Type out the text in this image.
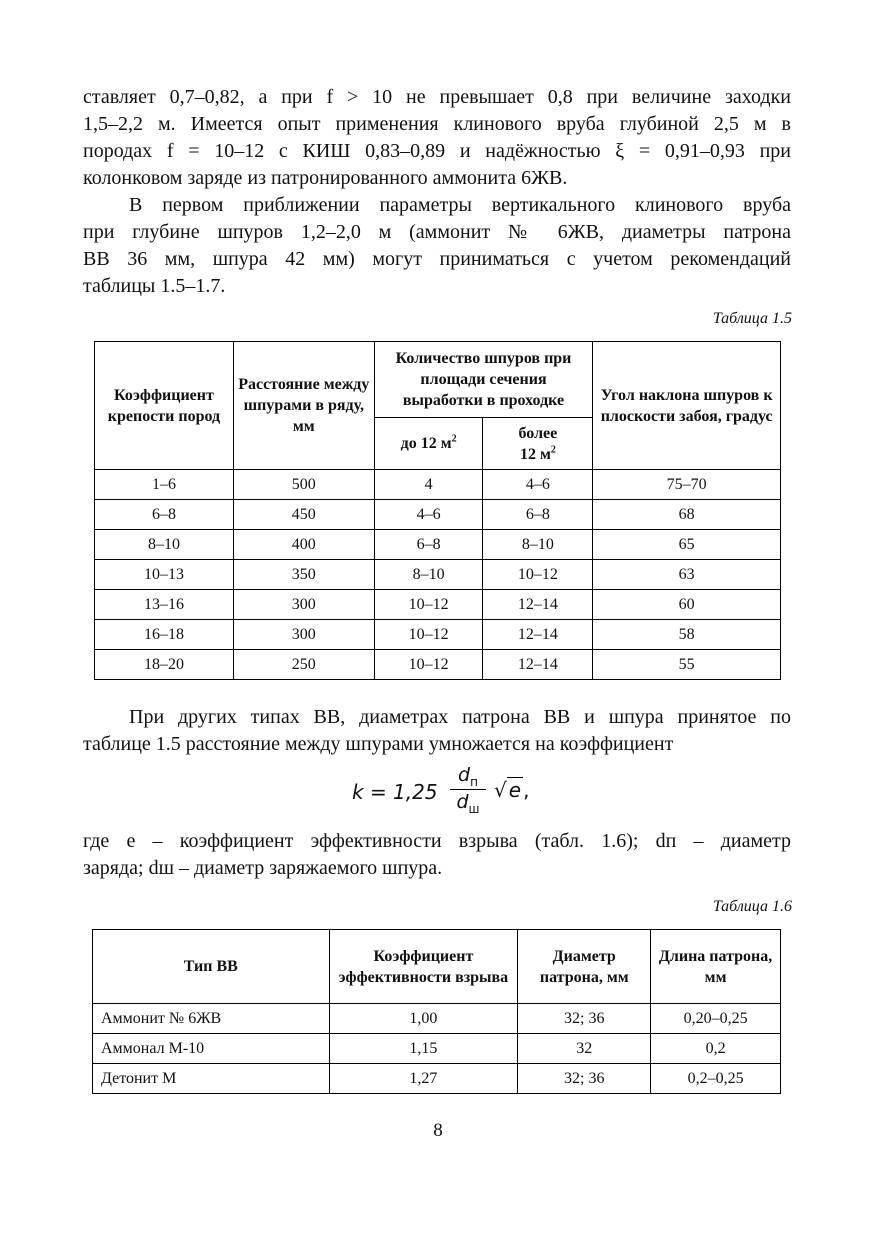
ставляет 0,7–0,82, а при f > 10 не превышает 0,8 при величине заходки
1,5–2,2 м. Имеется опыт применения клинового вруба глубиной 2,5 м в
породах f = 10–12 с КИШ 0,83–0,89 и надёжностью ξ = 0,91–0,93 при
колонковом заряде из патронированного аммонита 6ЖВ.

В первом приближении параметры вертикального клинового вруба
при глубине шпуров 1,2–2,0 м (аммонит № 6ЖВ, диаметры патрона
ВВ 36 мм, шпура 42 мм) могут приниматься с учетом рекомендаций
таблицы 1.5–1.7.

Таблица 1.5
Коэффициент крепости пород	Расстояние между шпурами в ряду, мм	Количество шпуров при площади сечения выработки в проходке		Угол наклона шпуров к плоскости забоя, градус
		до 12 $м^2$	более
12 $м^2$
1–6	500	4	4–6	75–70
6–8	450	4–6	6–8	68
8–10	400	6–8	8–10	65
10–13	350	8–10	10–12	63
13–16	300	10–12	12–14	60
16–18	300	10–12	12–14	58
18–20	250	10–12	12–14	55

При других типах ВВ, диаметрах патрона ВВ и шпура принятое по
таблице 1.5 расстояние между шпурами умножается на коэффициент

k = 1,25
$d_п$
$d_ш$
√ e ,

где e – коэффициент эффективности взрыва (табл. 1.6); dп – диаметр
заряда; dш – диаметр заряжаемого шпура.

Таблица 1.6
Тип ВВ	Коэффициент эффективности взрыва	Диаметр патрона, мм	Длина патрона, мм
Аммонит № 6ЖВ	1,00	32; 36	0,20–0,25
Аммонал М-10	1,15	32	0,2
Детонит М	1,27	32; 36	0,2–0,25
8
